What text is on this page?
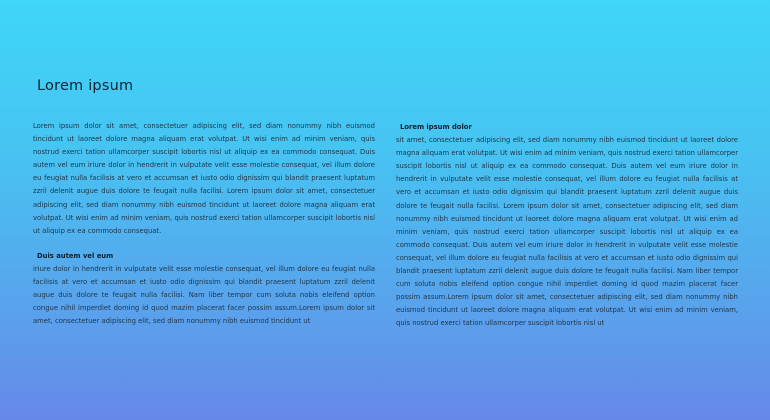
Lorem ipsum

Lorem ipsum dolor sit amet, consectetuer adipiscing elit, sed diam nonummy nibh euismod tincidunt ut laoreet dolore magna aliquam erat volutpat. Ut wisi enim ad minim veniam, quis nostrud exerci tation ullamcorper suscipit lobortis nisl ut aliquip ex ea commodo consequat. Duis autem vel eum iriure dolor in hendrerit in vulputate velit esse molestie consequat, vel illum dolore eu feugiat nulla facilisis at vero et accumsan et iusto odio dignissim qui blandit praesent luptatum zzril delenit augue duis dolore te feugait nulla facilisi. Lorem ipsum dolor sit amet, consectetuer adipiscing elit, sed diam nonummy nibh euismod tincidunt ut laoreet dolore magna aliquam erat volutpat. Ut wisi enim ad minim veniam, quis nostrud exerci tation ullamcorper suscipit lobortis nisl ut aliquip ex ea commodo consequat.

Duis autem vel eum

iriure dolor in hendrerit in vulputate velit esse molestie consequat, vel illum dolore eu feugiat nulla facilisis at vero et accumsan et iusto odio dignissim qui blandit praesent luptatum zzril delenit augue duis dolore te feugait nulla facilisi. Nam liber tempor cum soluta nobis eleifend option congue nihil imperdiet doming id quod mazim placerat facer possim assum.Lorem ipsum dolor sit amet, consectetuer adipiscing elit, sed diam nonummy nibh euismod tincidunt ut

Lorem ipsum dolor

sit amet, consectetuer adipiscing elit, sed diam nonummy nibh euismod tincidunt ut laoreet dolore magna aliquam erat volutpat. Ut wisi enim ad minim veniam, quis nostrud exerci tation ullamcorper suscipit lobortis nisl ut aliquip ex ea commodo consequat. Duis autem vel eum iriure dolor in hendrerit in vulputate velit esse molestie consequat, vel illum dolore eu feugiat nulla facilisis at vero et accumsan et iusto odio dignissim qui blandit praesent luptatum zzril delenit augue duis dolore te feugait nulla facilisi. Lorem ipsum dolor sit amet, consectetuer adipiscing elit, sed diam nonummy nibh euismod tincidunt ut laoreet dolore magna aliquam erat volutpat. Ut wisi enim ad minim veniam, quis nostrud exerci tation ullamcorper suscipit lobortis nisl ut aliquip ex ea commodo consequat. Duis autem vel eum iriure dolor in hendrerit in vulputate velit esse molestie consequat, vel illum dolore eu feugiat nulla facilisis at vero et accumsan et iusto odio dignissim qui blandit praesent luptatum zzril delenit augue duis dolore te feugait nulla facilisi. Nam liber tempor cum soluta nobis eleifend option congue nihil imperdiet doming id quod mazim placerat facer possim assum.Lorem ipsum dolor sit amet, consectetuer adipiscing elit, sed diam nonummy nibh euismod tincidunt ut laoreet dolore magna aliquam erat volutpat. Ut wisi enim ad minim veniam, quis nostrud exerci tation ullamcorper suscipit lobortis nisl ut
